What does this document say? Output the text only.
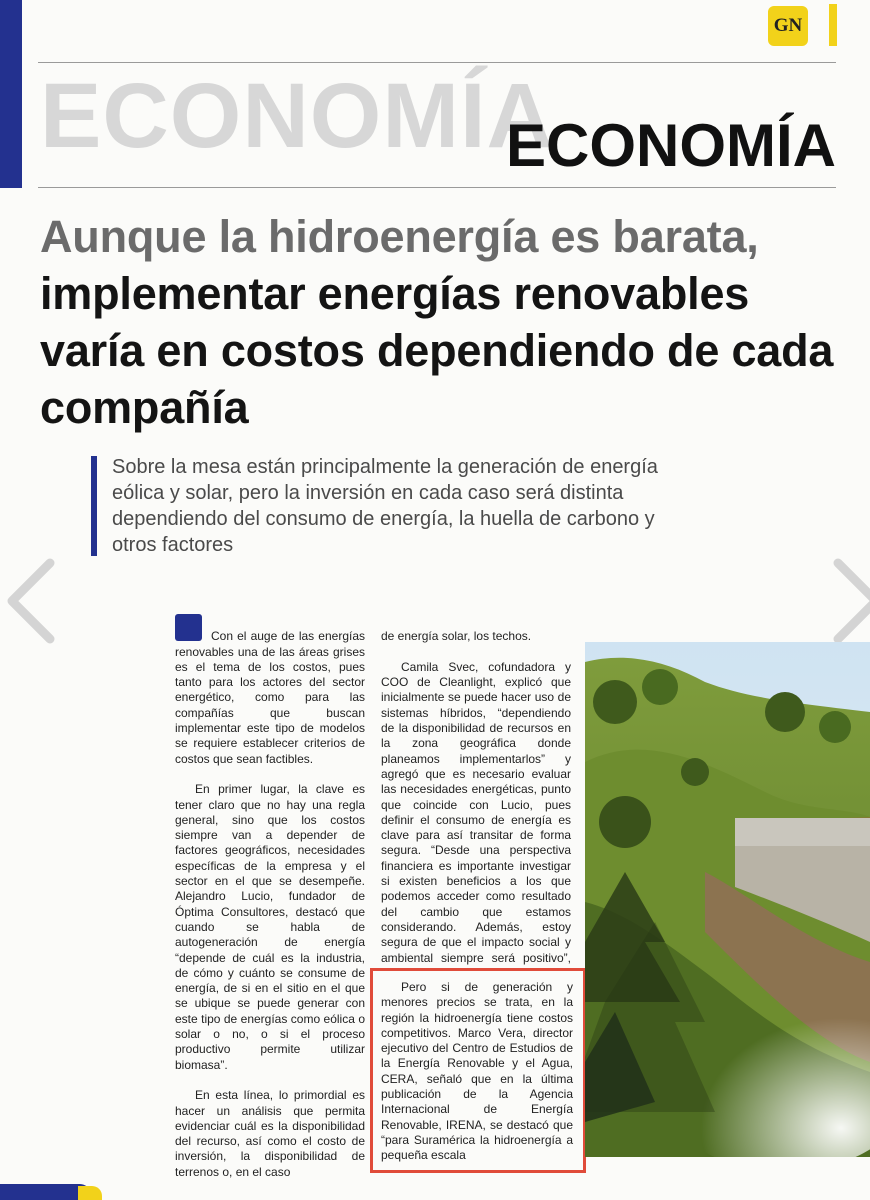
GN
ECONOMÍA
ECONOMÍA
Aunque la hidroenergía es barata, implementar energías renovables varía en costos dependiendo de cada compañía

Sobre la mesa están principalmente la generación de energía eólica y solar, pero la inversión en cada caso será distinta dependiendo del consumo de energía, la huella de carbono y otros factores

Con el auge de las energías renovables una de las áreas grises es el tema de los costos, pues tanto para los actores del sector energético, como para las compañías que buscan implementar este tipo de modelos se requiere establecer criterios de costos que sean factibles.

En primer lugar, la clave es tener claro que no hay una regla general, sino que los costos siempre van a depender de factores geográficos, necesidades específicas de la empresa y el sector en el que se desempeñe. Alejandro Lucio, fundador de Óptima Consultores, destacó que cuando se habla de autogeneración de energía “depende de cuál es la industria, de cómo y cuánto se consume de energía, de si en el sitio en el que se ubique se puede generar con este tipo de energías como eólica o solar o no, o si el proceso productivo permite utilizar biomasa”.

En esta línea, lo primordial es hacer un análisis que permita evidenciar cuál es la disponibilidad del recurso, así como el costo de inversión, la disponibilidad de terrenos o, en el caso

de energía solar, los techos.

Camila Svec, cofundadora y COO de Cleanlight, explicó que inicialmente se puede hacer uso de sistemas híbridos, “dependiendo de la disponibilidad de recursos en la zona geográfica donde planeamos implementarlos” y agregó que es necesario evaluar las necesidades energéticas, punto que coincide con Lucio, pues definir el consumo de energía es clave para así transitar de forma segura. “Desde una perspectiva financiera es importante investigar si existen beneficios a los que podemos acceder como resultado del cambio que estamos considerando. Además, estoy segura de que el impacto social y ambiental siempre será positivo”,

Pero si de generación y menores precios se trata, en la región la hidroenergía tiene costos competitivos. Marco Vera, director ejecutivo del Centro de Estudios de la Energía Renovable y el Agua, CERA, señaló que en la última publicación de la Agencia Internacional de Energía Renovable, IRENA, se destacó que “para Suramérica la hidroenergía a pequeña escala
